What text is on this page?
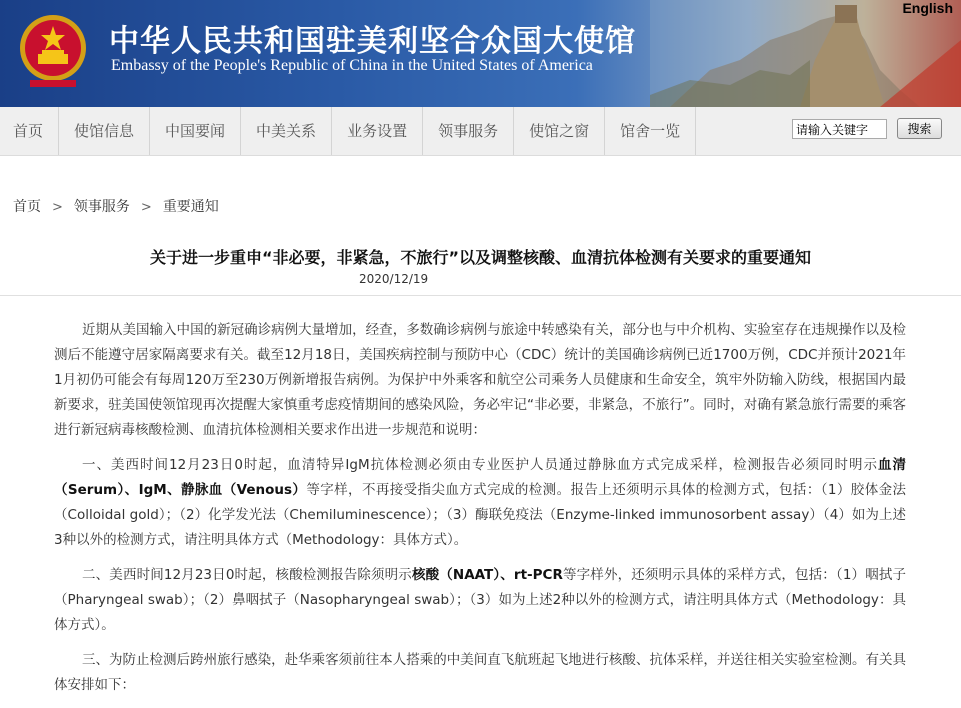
中华人民共和国驻美利坚合众国大使馆
Embassy of the People's Republic of China in the United States of America
English
首页	使馆信息	中国要闻	中美关系	业务设置	领事服务	使馆之窗	馆舍一览
请输入关键字	搜索
首页 > 领事服务 > 重要通知
关于进一步重申“非必要，非紧急，不旅行”以及调整核酸、血清抗体检测有关要求的重要通知
2020/12/19

近期从美国输入中国的新冠确诊病例大量增加，经查，多数确诊病例与旅途中转感染有关，部分也与中介机构、实验室存在违规操作以及检测后不能遵守居家隔离要求有关。截至12月18日，美国疾病控制与预防中心（CDC）统计的美国确诊病例已近1700万例，CDC并预计2021年1月初仍可能会有每周120万至230万例新增报告病例。为保护中外乘客和航空公司乘务人员健康和生命安全，筑牢外防输入防线，根据国内最新要求，驻美国使领馆现再次提醒大家慎重考虑疫情期间的感染风险，务必牢记“非必要，非紧急，不旅行”。同时，对确有紧急旅行需要的乘客进行新冠病毒核酸检测、血清抗体检测相关要求作出进一步规范和说明：

一、美西时间12月23日0时起，血清特异IgM抗体检测必须由专业医护人员通过静脉血方式完成采样，检测报告必须同时明示血清（Serum）、IgM、静脉血（Venous）等字样，不再接受指尖血方式完成的检测。报告上还须明示具体的检测方式，包括：（1）胶体金法（Colloidal gold）；（2）化学发光法（Chemiluminescence）；（3）酶联免疫法（Enzyme-linked immunosorbent assay）（4）如为上述3种以外的检测方式，请注明具体方式（Methodology：具体方式）。

二、美西时间12月23日0时起，核酸检测报告除须明示核酸（NAAT）、rt-PCR等字样外，还须明示具体的采样方式，包括：（1）咽拭子（Pharyngeal swab）；（2）鼻咽拭子（Nasopharyngeal swab）；（3）如为上述2种以外的检测方式，请注明具体方式（Methodology：具体方式）。

三、为防止检测后跨州旅行感染，赴华乘客须前往本人搭乘的中美间直飞航班起飞地进行核酸、抗体采样，并送往相关实验室检测。有关具体安排如下：
